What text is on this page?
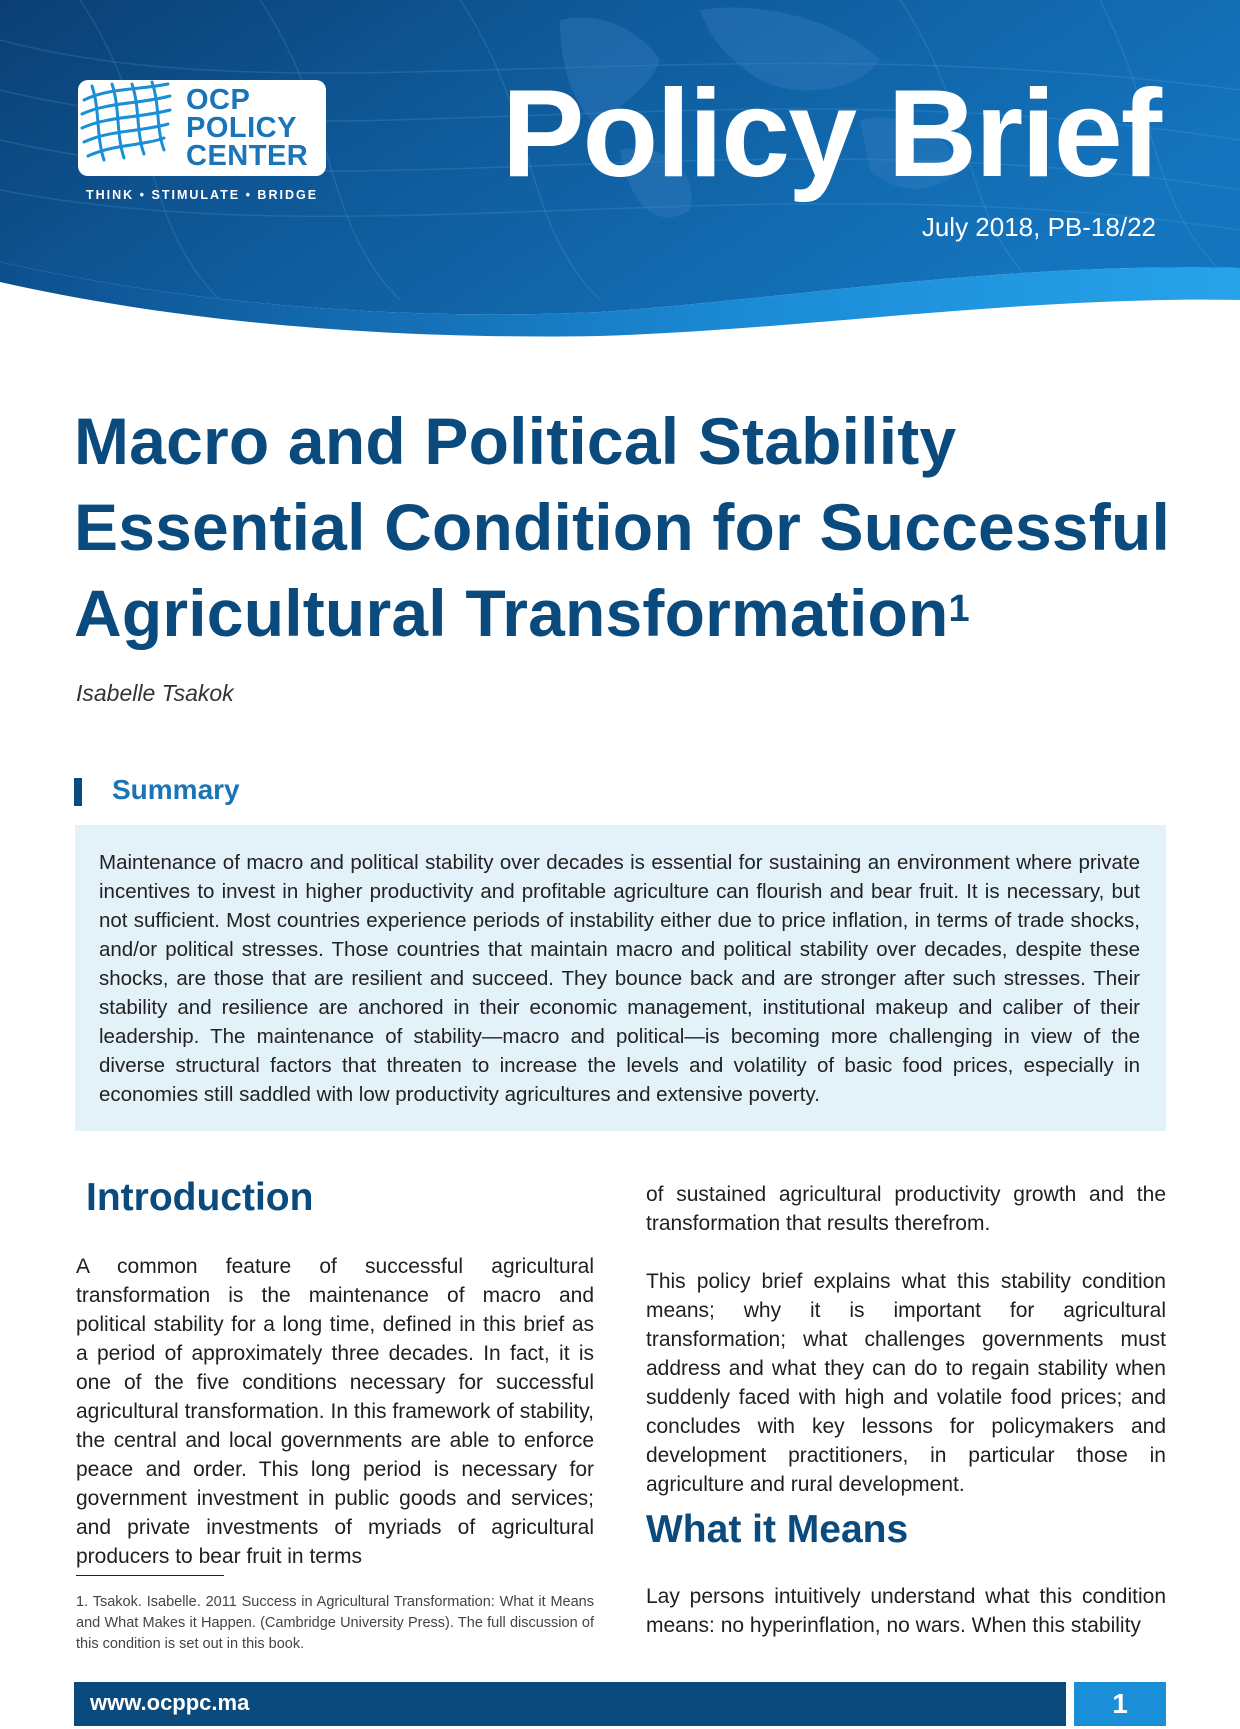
OCP
POLICY
CENTER
THINK • STIMULATE • BRIDGE Policy Brief
July 2018, PB-18/22
Macro and Political Stability
Essential Condition for Successful
Agricultural Transformation$^1$
Isabelle Tsakok
Summary

Maintenance of macro and political stability over decades is essential for sustaining an environment where private incentives to invest in higher productivity and profitable agriculture can flourish and bear fruit. It is necessary, but not sufficient. Most countries experience periods of instability either due to price inflation, in terms of trade shocks, and/or political stresses. Those countries that maintain macro and political stability over decades, despite these shocks, are those that are resilient and succeed. They bounce back and are stronger after such stresses. Their stability and resilience are anchored in their economic management, institutional makeup and caliber of their leadership. The maintenance of stability—macro and political—is becoming more challenging in view of the diverse structural factors that threaten to increase the levels and volatility of basic food prices, especially in economies still saddled with low productivity agricultures and extensive poverty.

Introduction

A common feature of successful agricultural transformation is the maintenance of macro and political stability for a long time, defined in this brief as a period of approximately three decades. In fact, it is one of the five conditions necessary for successful agricultural transformation. In this framework of stability, the central and local governments are able to enforce peace and order. This long period is necessary for government investment in public goods and services; and private investments of myriads of agricultural producers to bear fruit in terms

1. Tsakok. Isabelle. 2011 Success in Agricultural Transformation: What it Means and What Makes it Happen. (Cambridge University Press). The full discussion of this condition is set out in this book.

of sustained agricultural productivity growth and the transformation that results therefrom.

This policy brief explains what this stability condition means; why it is important for agricultural transformation; what challenges governments must address and what they can do to regain stability when suddenly faced with high and volatile food prices; and concludes with key lessons for policymakers and development practitioners, in particular those in agriculture and rural development.

What it Means

Lay persons intuitively understand what this condition means: no hyperinflation, no wars. When this stability

www.ocppc.ma	1
